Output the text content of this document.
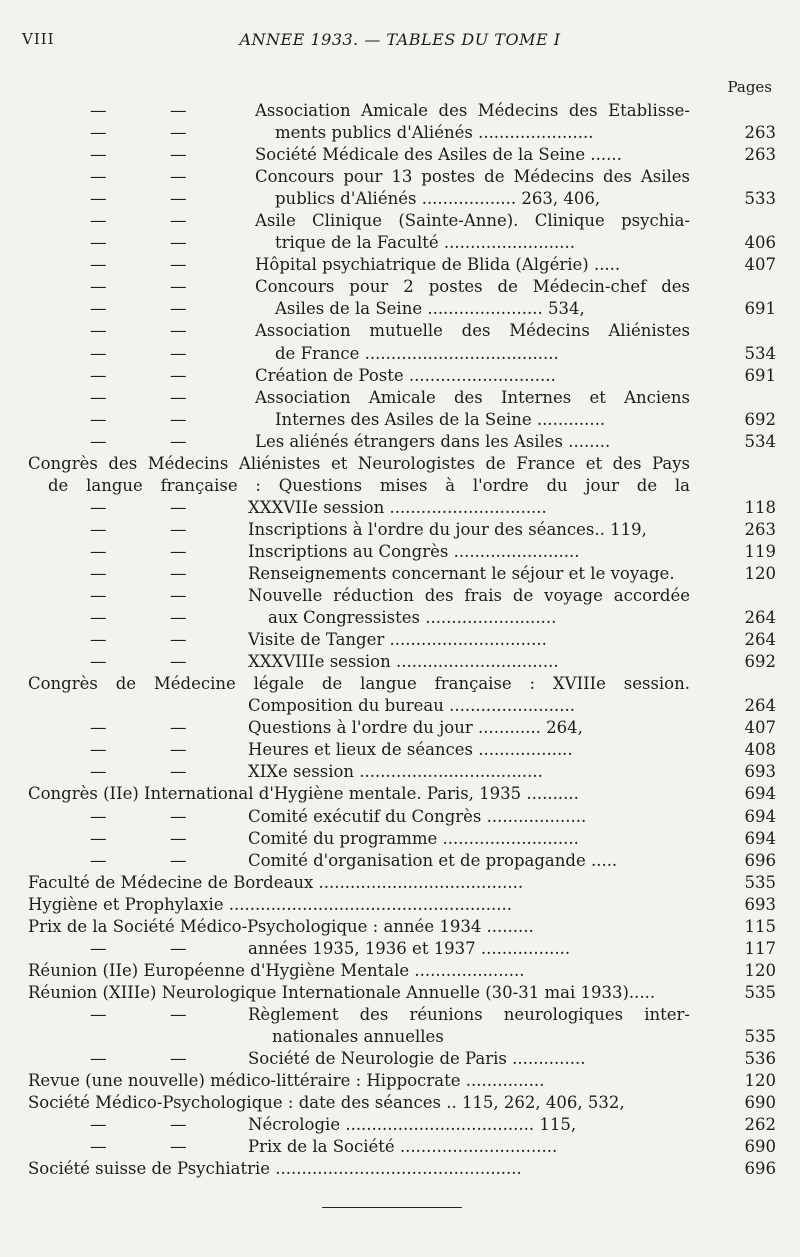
VIII	ANNEE 1933. — TABLES DU TOME I
Pages
—	—	Association Amicale des Médecins des Etablisse-
—	—	ments publics d'Aliénés ......................	263
—	—	Société Médicale des Asiles de la Seine ......	263
—	—	Concours pour 13 postes de Médecins des Asiles
—	—	publics d'Aliénés .................. 263, 406,	533
—	—	Asile Clinique (Sainte-Anne). Clinique psychia-
—	—	trique de la Faculté .........................	406
—	—	Hôpital psychiatrique de Blida (Algérie) .....	407
—	—	Concours pour 2 postes de Médecin-chef des
—	—	Asiles de la Seine ...................... 534,	691
—	—	Association mutuelle des Médecins Aliénistes
—	—	de France .....................................	534
—	—	Création de Poste ............................	691
—	—	Association Amicale des Internes et Anciens
—	—	Internes des Asiles de la Seine .............	692
—	—	Les aliénés étrangers dans les Asiles ........	534
Congrès des Médecins Aliénistes et Neurologistes de France et des Pays
de langue française : Questions mises à l'ordre du jour de la
—	—	XXXVIIe session ..............................	118
—	—	Inscriptions à l'ordre du jour des séances.. 119,	263
—	—	Inscriptions au Congrès ........................	119
—	—	Renseignements concernant le séjour et le voyage.	120
—	—	Nouvelle réduction des frais de voyage accordée
—	—	aux Congressistes .........................	264
—	—	Visite de Tanger ..............................	264
—	—	XXXVIIIe session ...............................	692
Congrès de Médecine légale de langue française : XVIIIe session.
Composition du bureau ........................	264
—	—	Questions à l'ordre du jour ............ 264,	407
—	—	Heures et lieux de séances ..................	408
—	—	XIXe session ...................................	693
Congrès (IIe) International d'Hygiène mentale. Paris, 1935 ..........	694
—	—	Comité exécutif du Congrès ...................	694
—	—	Comité du programme ..........................	694
—	—	Comité d'organisation et de propagande .....	696
Faculté de Médecine de Bordeaux .......................................	535
Hygiène et Prophylaxie ......................................................	693
Prix de la Société Médico-Psychologique : année 1934 .........	115
—	—	années 1935, 1936 et 1937 .................	117
Réunion (IIe) Européenne d'Hygiène Mentale .....................	120
Réunion (XIIIe) Neurologique Internationale Annuelle (30-31 mai 1933).....	535
—	—	Règlement des réunions neurologiques inter-
nationales annuelles	535
—	—	Société de Neurologie de Paris ..............	536
Revue (une nouvelle) médico-littéraire : Hippocrate ...............	120
Société Médico-Psychologique : date des séances .. 115, 262, 406, 532,	690
—	—	Nécrologie .................................... 115,	262
—	—	Prix de la Société ..............................	690
Société suisse de Psychiatrie ...............................................	696
